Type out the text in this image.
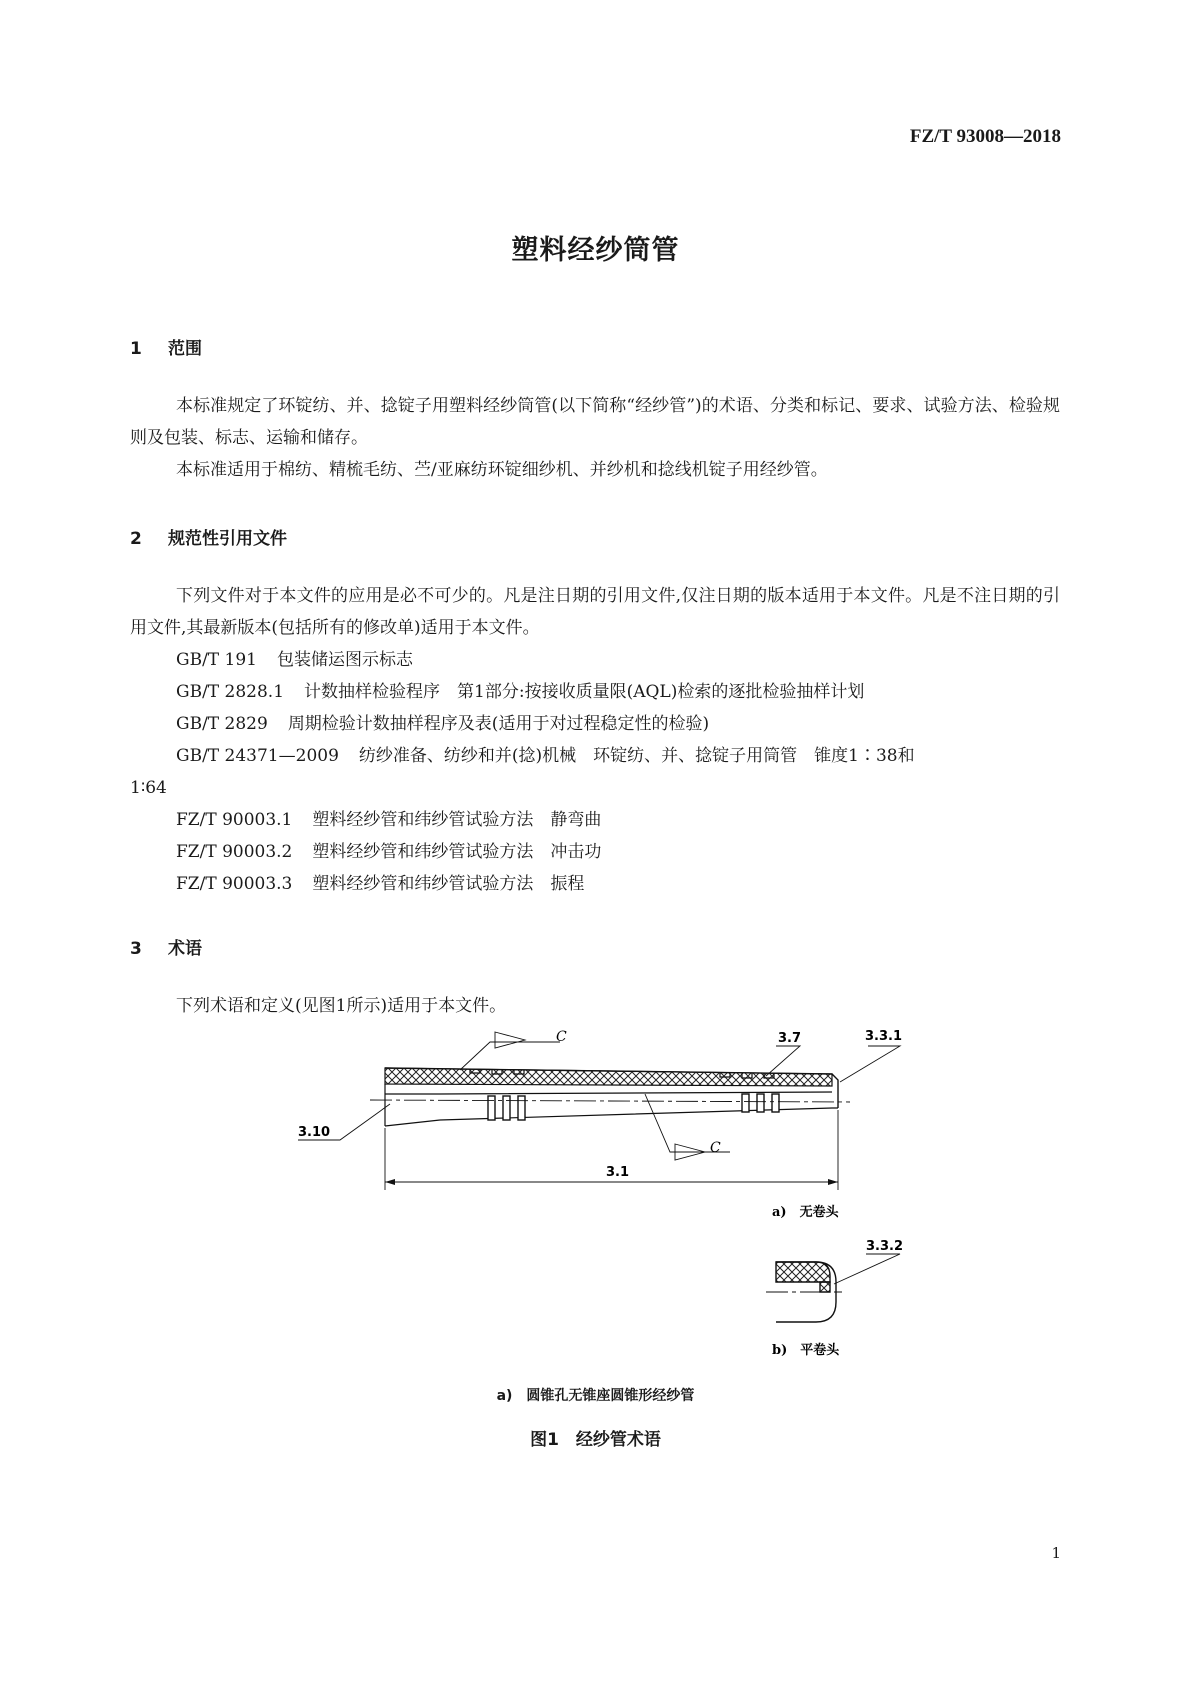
FZ/T 93008—2018
塑料经纱筒管
1 范围
本标准规定了环锭纺、并、捻锭子用塑料经纱筒管(以下简称“经纱管”)的术语、分类和标记、要求、试验方法、检验规则及包装、标志、运输和储存。
本标准适用于棉纺、精梳毛纺、苎/亚麻纺环锭细纱机、并纱机和捻线机锭子用经纱管。
2 规范性引用文件
下列文件对于本文件的应用是必不可少的。凡是注日期的引用文件,仅注日期的版本适用于本文件。凡是不注日期的引用文件,其最新版本(包括所有的修改单)适用于本文件。
GB/T 191 包装储运图示标志
GB/T 2828.1 计数抽样检验程序　第1部分:按接收质量限(AQL)检索的逐批检验抽样计划
GB/T 2829 周期检验计数抽样程序及表(适用于对过程稳定性的检验)
GB/T 24371—2009 纺纱准备、纺纱和并(捻)机械　环锭纺、并、捻锭子用筒管　锥度1∶38和
1∶64
FZ/T 90003.1 塑料经纱管和纬纱管试验方法　静弯曲
FZ/T 90003.2 塑料经纱管和纬纱管试验方法　冲击功
FZ/T 90003.3 塑料经纱管和纬纱管试验方法　振程
3 术语
下列术语和定义(见图1所示)适用于本文件。
C
C
3.7	3.3.1
3.10
3.1
a)　无卷头
3.3.2
b)　平卷头
a)　圆锥孔无锥座圆锥形经纱管
图1　经纱管术语
1
